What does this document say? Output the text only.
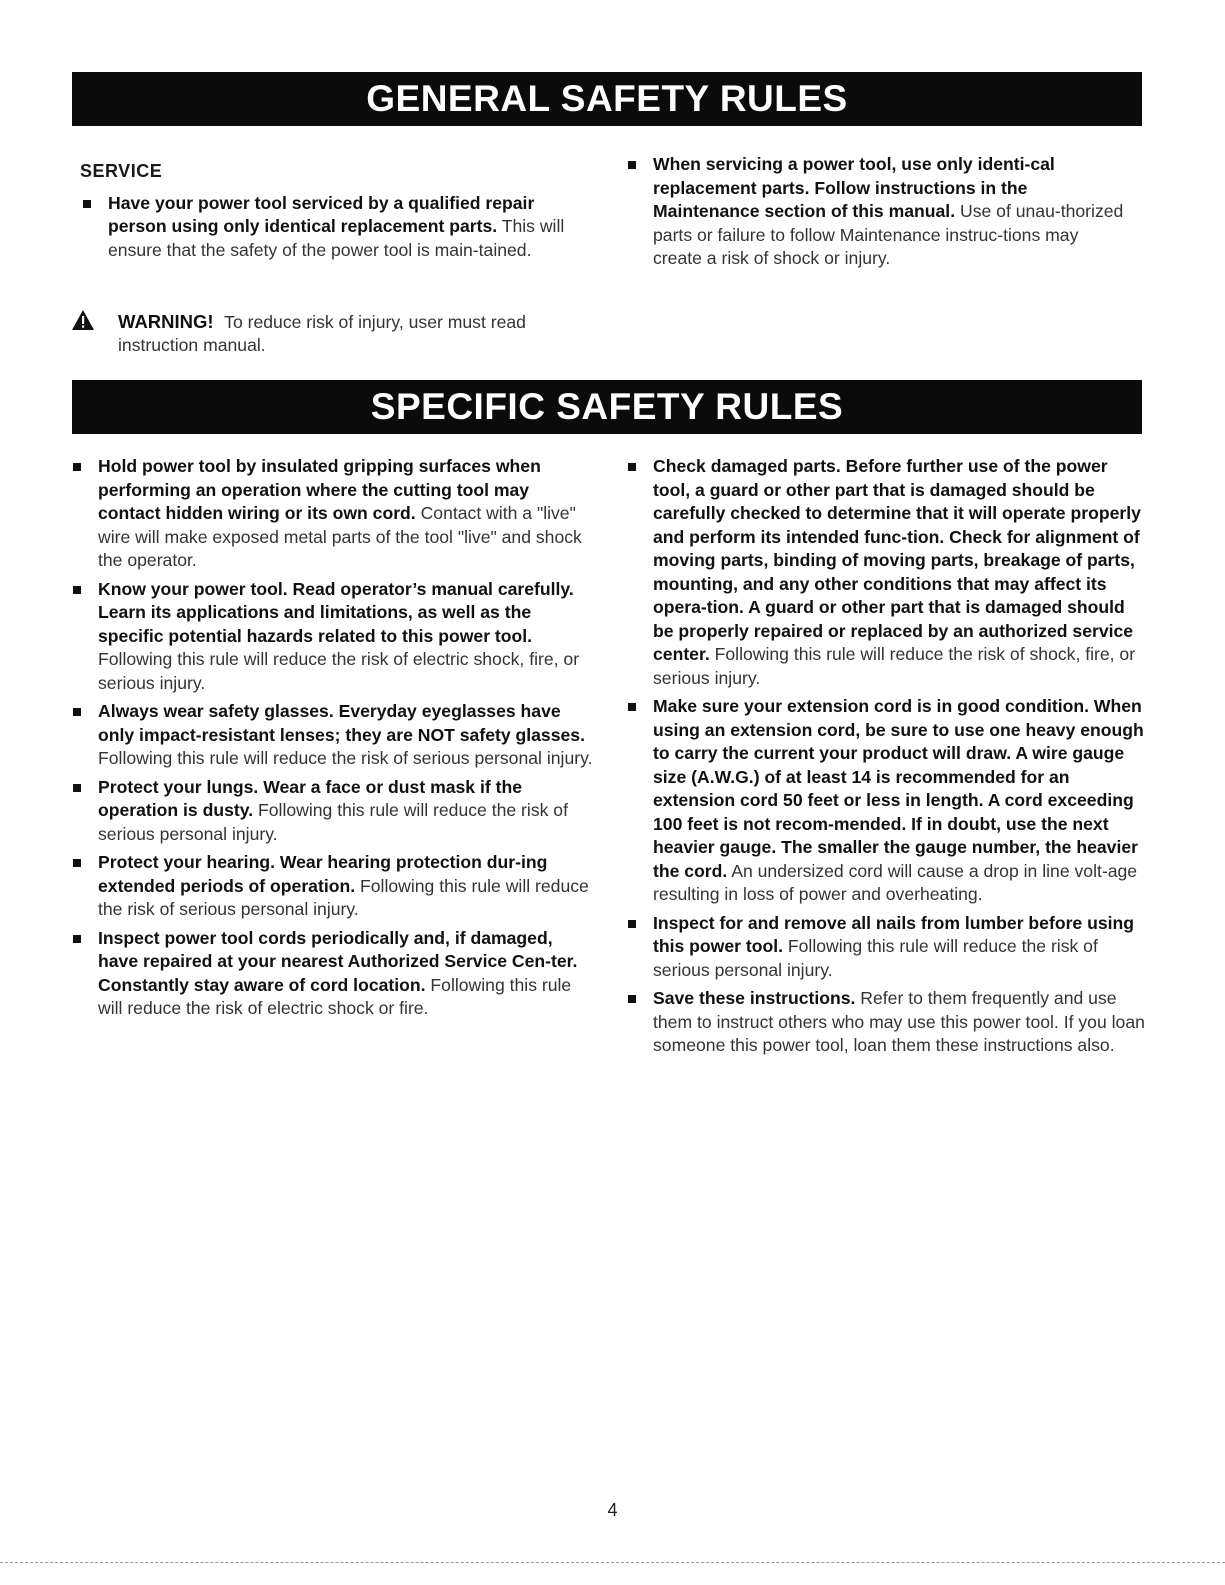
GENERAL SAFETY RULES
SPECIFIC SAFETY RULES
SERVICE
Have your power tool serviced by a qualified repair person using only identical replacement parts. This will ensure that the safety of the power tool is main-tained.
When servicing a power tool, use only identi-cal replacement parts. Follow instructions in the Maintenance section of this manual. Use of unau-thorized parts or failure to follow Maintenance instruc-tions may create a risk of shock or injury.
WARNING! To reduce risk of injury, user must read instruction manual.
Hold power tool by insulated gripping surfaces when performing an operation where the cutting tool may contact hidden wiring or its own cord. Contact with a "live" wire will make exposed metal parts of the tool "live" and shock the operator.
Know your power tool. Read operator’s manual carefully. Learn its applications and limitations, as well as the specific potential hazards related to this power tool. Following this rule will reduce the risk of electric shock, fire, or serious injury.
Always wear safety glasses. Everyday eyeglasses have only impact-resistant lenses; they are NOT safety glasses. Following this rule will reduce the risk of serious personal injury.
Protect your lungs. Wear a face or dust mask if the operation is dusty. Following this rule will reduce the risk of serious personal injury.
Protect your hearing. Wear hearing protection dur-ing extended periods of operation. Following this rule will reduce the risk of serious personal injury.
Inspect power tool cords periodically and, if damaged, have repaired at your nearest Authorized Service Cen-ter. Constantly stay aware of cord location. Following this rule will reduce the risk of electric shock or fire.
Check damaged parts. Before further use of the power tool, a guard or other part that is damaged should be carefully checked to determine that it will operate properly and perform its intended func-tion. Check for alignment of moving parts, binding of moving parts, breakage of parts, mounting, and any other conditions that may affect its opera-tion. A guard or other part that is damaged should be properly repaired or replaced by an authorized service center. Following this rule will reduce the risk of shock, fire, or serious injury.
Make sure your extension cord is in good condition. When using an extension cord, be sure to use one heavy enough to carry the current your product will draw. A wire gauge size (A.W.G.) of at least 14 is recommended for an extension cord 50 feet or less in length. A cord exceeding 100 feet is not recom-mended. If in doubt, use the next heavier gauge. The smaller the gauge number, the heavier the cord. An undersized cord will cause a drop in line volt-age resulting in loss of power and overheating.
Inspect for and remove all nails from lumber before using this power tool. Following this rule will reduce the risk of serious personal injury.
Save these instructions. Refer to them frequently and use them to instruct others who may use this power tool. If you loan someone this power tool, loan them these instructions also.
4
